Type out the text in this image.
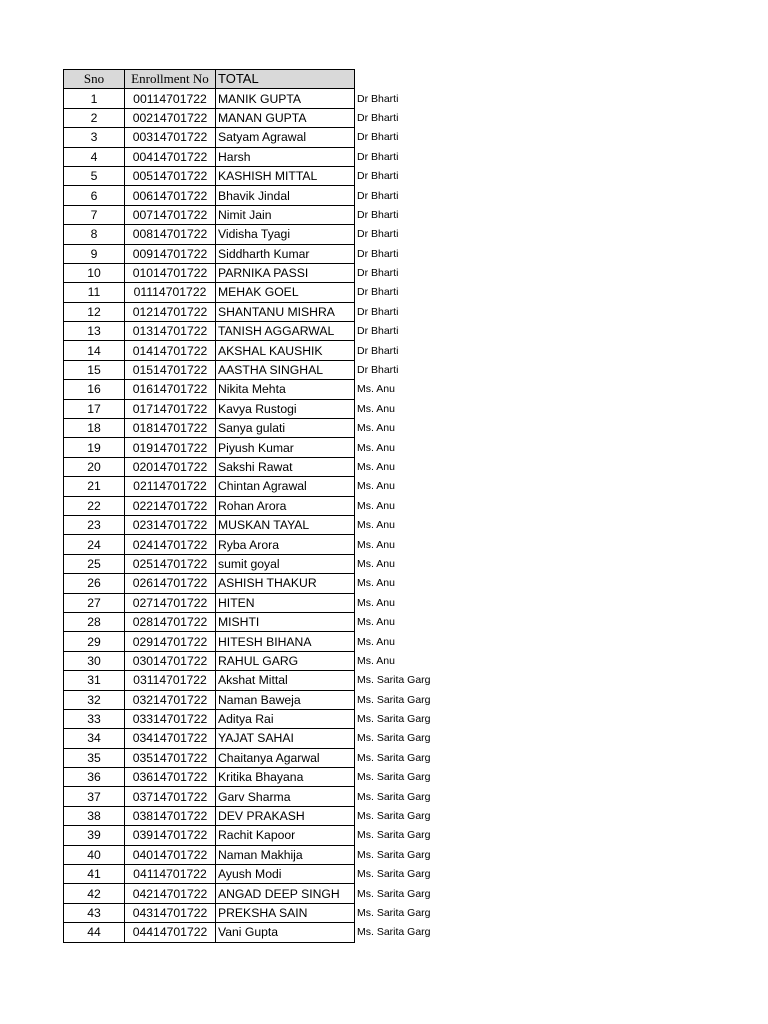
Sno	Enrollment No	TOTAL	
1	00114701722	MANIK GUPTA	Dr Bharti
2	00214701722	MANAN GUPTA	Dr Bharti
3	00314701722	Satyam Agrawal	Dr Bharti
4	00414701722	Harsh	Dr Bharti
5	00514701722	KASHISH MITTAL	Dr Bharti
6	00614701722	Bhavik Jindal	Dr Bharti
7	00714701722	Nimit Jain	Dr Bharti
8	00814701722	Vidisha Tyagi	Dr Bharti
9	00914701722	Siddharth Kumar	Dr Bharti
10	01014701722	PARNIKA PASSI	Dr Bharti
11	01114701722	MEHAK GOEL	Dr Bharti
12	01214701722	SHANTANU MISHRA	Dr Bharti
13	01314701722	TANISH AGGARWAL	Dr Bharti
14	01414701722	AKSHAL KAUSHIK	Dr Bharti
15	01514701722	AASTHA SINGHAL	Dr Bharti
16	01614701722	Nikita Mehta	Ms. Anu
17	01714701722	Kavya Rustogi	Ms. Anu
18	01814701722	Sanya gulati	Ms. Anu
19	01914701722	Piyush Kumar	Ms. Anu
20	02014701722	Sakshi Rawat	Ms. Anu
21	02114701722	Chintan Agrawal	Ms. Anu
22	02214701722	Rohan Arora	Ms. Anu
23	02314701722	MUSKAN TAYAL	Ms. Anu
24	02414701722	Ryba Arora	Ms. Anu
25	02514701722	sumit goyal	Ms. Anu
26	02614701722	ASHISH THAKUR	Ms. Anu
27	02714701722	HITEN	Ms. Anu
28	02814701722	MISHTI	Ms. Anu
29	02914701722	HITESH BIHANA	Ms. Anu
30	03014701722	RAHUL GARG	Ms. Anu
31	03114701722	Akshat Mittal	Ms. Sarita Garg
32	03214701722	Naman Baweja	Ms. Sarita Garg
33	03314701722	Aditya Rai	Ms. Sarita Garg
34	03414701722	YAJAT SAHAI	Ms. Sarita Garg
35	03514701722	Chaitanya Agarwal	Ms. Sarita Garg
36	03614701722	Kritika Bhayana	Ms. Sarita Garg
37	03714701722	Garv Sharma	Ms. Sarita Garg
38	03814701722	DEV PRAKASH	Ms. Sarita Garg
39	03914701722	Rachit Kapoor	Ms. Sarita Garg
40	04014701722	Naman Makhija	Ms. Sarita Garg
41	04114701722	Ayush Modi	Ms. Sarita Garg
42	04214701722	ANGAD DEEP SINGH	Ms. Sarita Garg
43	04314701722	PREKSHA SAIN	Ms. Sarita Garg
44	04414701722	Vani Gupta	Ms. Sarita Garg
